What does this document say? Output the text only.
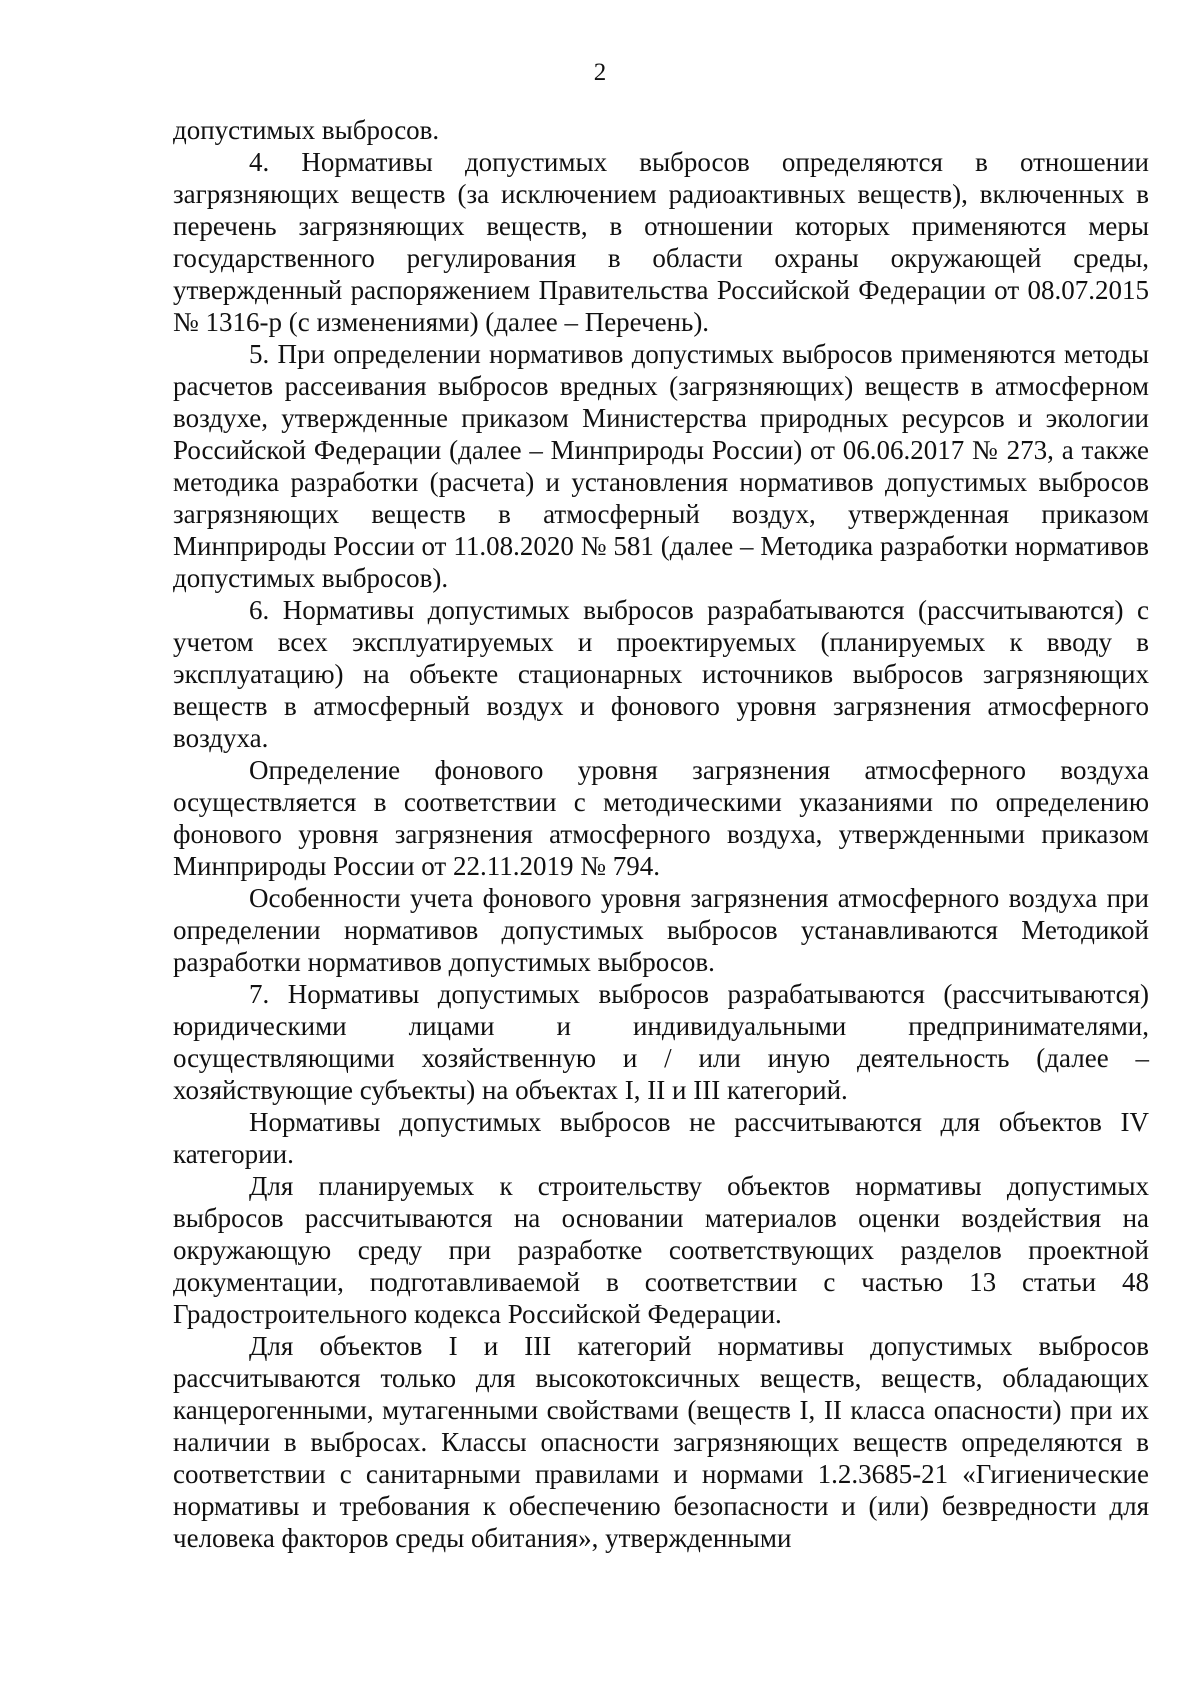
2

допустимых выбросов.

4. Нормативы допустимых выбросов определяются в отношении загрязняющих веществ (за исключением радиоактивных веществ), включенных в перечень загрязняющих веществ, в отношении которых применяются меры государственного регулирования в области охраны окружающей среды, утвержденный распоряжением Правительства Российской Федерации от 08.07.2015 № 1316-р (с изменениями) (далее – Перечень).

5. При определении нормативов допустимых выбросов применяются методы расчетов рассеивания выбросов вредных (загрязняющих) веществ в атмосферном воздухе, утвержденные приказом Министерства природных ресурсов и экологии Российской Федерации (далее – Минприроды России) от 06.06.2017 № 273, а также методика разработки (расчета) и установления нормативов допустимых выбросов загрязняющих веществ в атмосферный воздух, утвержденная приказом Минприроды России от 11.08.2020 № 581 (далее – Методика разработки нормативов допустимых выбросов).

6. Нормативы допустимых выбросов разрабатываются (рассчитываются) с учетом всех эксплуатируемых и проектируемых (планируемых к вводу в эксплуатацию) на объекте стационарных источников выбросов загрязняющих веществ в атмосферный воздух и фонового уровня загрязнения атмосферного воздуха.

Определение фонового уровня загрязнения атмосферного воздуха осуществляется в соответствии с методическими указаниями по определению фонового уровня загрязнения атмосферного воздуха, утвержденными приказом Минприроды России от 22.11.2019 № 794.

Особенности учета фонового уровня загрязнения атмосферного воздуха при определении нормативов допустимых выбросов устанавливаются Методикой разработки нормативов допустимых выбросов.

7. Нормативы допустимых выбросов разрабатываются (рассчитываются) юридическими лицами и индивидуальными предпринимателями, осуществляющими хозяйственную и / или иную деятельность (далее – хозяйствующие субъекты) на объектах I, II и III категорий.

Нормативы допустимых выбросов не рассчитываются для объектов IV категории.

Для планируемых к строительству объектов нормативы допустимых выбросов рассчитываются на основании материалов оценки воздействия на окружающую среду при разработке соответствующих разделов проектной документации, подготавливаемой в соответствии с частью 13 статьи 48 Градостроительного кодекса Российской Федерации.

Для объектов I и III категорий нормативы допустимых выбросов рассчитываются только для высокотоксичных веществ, веществ, обладающих канцерогенными, мутагенными свойствами (веществ I, II класса опасности) при их наличии в выбросах. Классы опасности загрязняющих веществ определяются в соответствии с санитарными правилами и нормами 1.2.3685-21 «Гигиенические нормативы и требования к обеспечению безопасности и (или) безвредности для человека факторов среды обитания», утвержденными
